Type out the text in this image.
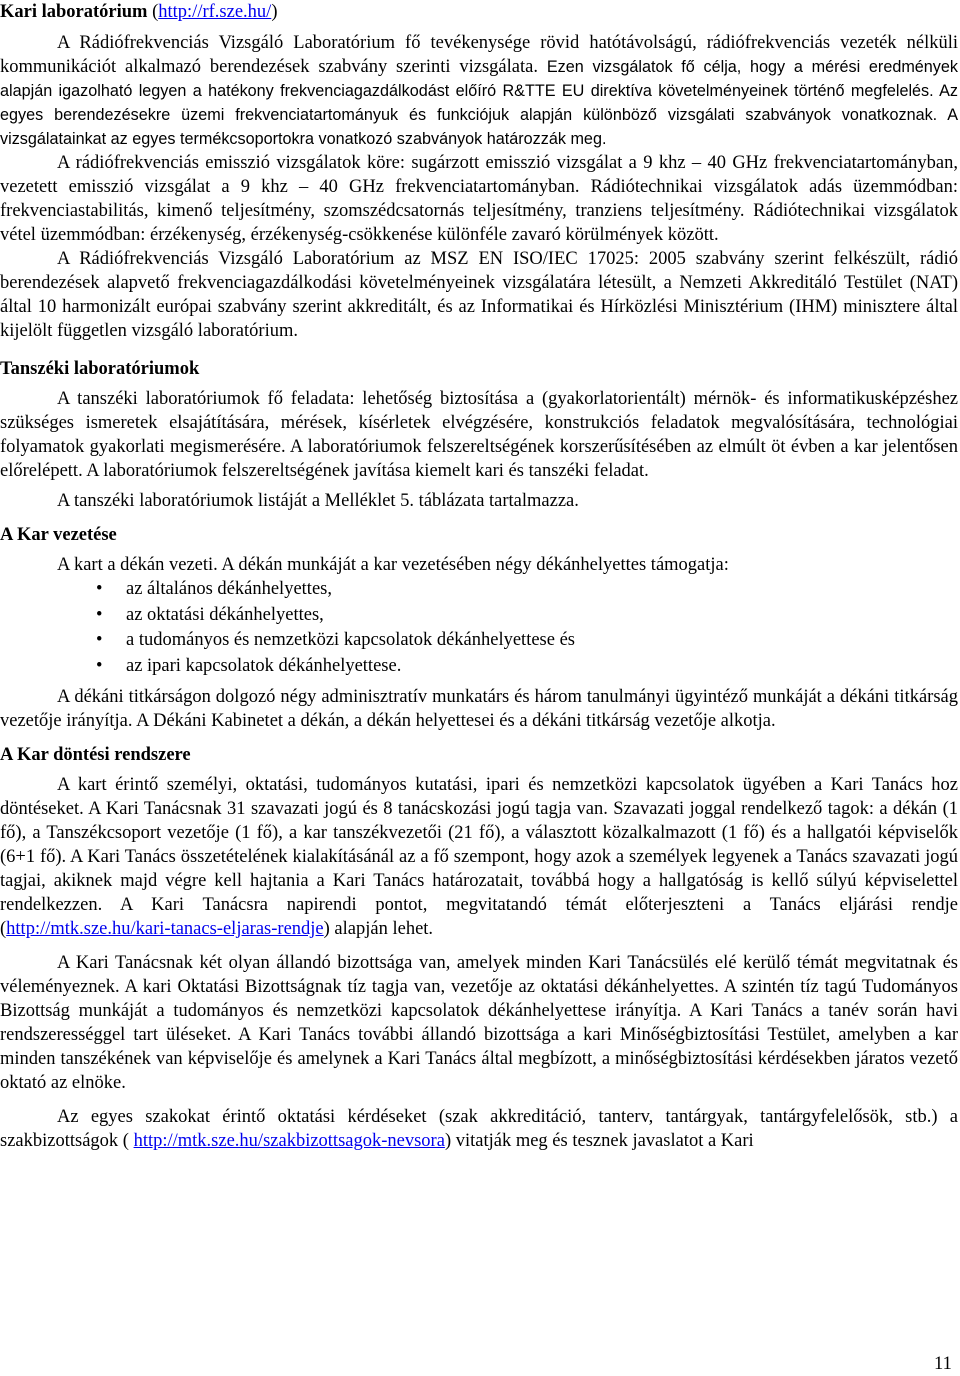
Kari laboratórium (http://rf.sze.hu/)

A Rádiófrekvenciás Vizsgáló Laboratórium fő tevékenysége rövid hatótávolságú, rádiófrekvenciás vezeték nélküli kommunikációt alkalmazó berendezések szabvány szerinti vizsgálata. Ezen vizsgálatok fő célja, hogy a mérési eredmények alapján igazolható legyen a hatékony frekvenciagazdálkodást előíró R&TTE EU direktíva követelményeinek történő megfelelés. Az egyes berendezésekre üzemi frekvenciatartományuk és funkciójuk alapján különböző vizsgálati szabványok vonatkoznak. A vizsgálatainkat az egyes termékcsoportokra vonatkozó szabványok határozzák meg.

A rádiófrekvenciás emisszió vizsgálatok köre: sugárzott emisszió vizsgálat a 9 khz – 40 GHz frekvenciatartományban, vezetett emisszió vizsgálat a 9 khz – 40 GHz frekvenciatartományban. Rádiótechnikai vizsgálatok adás üzemmódban: frekvenciastabilitás, kimenő teljesítmény, szomszédcsatornás teljesítmény, tranziens teljesítmény. Rádiótechnikai vizsgálatok vétel üzemmódban: érzékenység, érzékenység-csökkenése különféle zavaró körülmények között.

A Rádiófrekvenciás Vizsgáló Laboratórium az MSZ EN ISO/IEC 17025: 2005 szabvány szerint felkészült, rádió berendezések alapvető frekvenciagazdálkodási követelményeinek vizsgálatára létesült, a Nemzeti Akkreditáló Testület (NAT) által 10 harmonizált európai szabvány szerint akkreditált, és az Informatikai és Hírközlési Minisztérium (IHM) minisztere által kijelölt független vizsgáló laboratórium.

Tanszéki laboratóriumok

A tanszéki laboratóriumok fő feladata: lehetőség biztosítása a (gyakorlatorientált) mérnök- és informatikusképzéshez szükséges ismeretek elsajátítására, mérések, kísérletek elvégzésére, konstrukciós feladatok megvalósítására, technológiai folyamatok gyakorlati megismerésére. A laboratóriumok felszereltségének korszerűsítésében az elmúlt öt évben a kar jelentősen előrelépett. A laboratóriumok felszereltségének javítása kiemelt kari és tanszéki feladat.

A tanszéki laboratóriumok listáját a Melléklet 5. táblázata tartalmazza.

A Kar vezetése

A kart a dékán vezeti. A dékán munkáját a kar vezetésében négy dékánhelyettes támogatja:

• az általános dékánhelyettes,
• az oktatási dékánhelyettes,
• a tudományos és nemzetközi kapcsolatok dékánhelyettese és
• az ipari kapcsolatok dékánhelyettese.

A dékáni titkárságon dolgozó négy adminisztratív munkatárs és három tanulmányi ügyintéző munkáját a dékáni titkárság vezetője irányítja. A Dékáni Kabinetet a dékán, a dékán helyettesei és a dékáni titkárság vezetője alkotja.

A Kar döntési rendszere

A kart érintő személyi, oktatási, tudományos kutatási, ipari és nemzetközi kapcsolatok ügyében a Kari Tanács hoz döntéseket. A Kari Tanácsnak 31 szavazati jogú és 8 tanácskozási jogú tagja van. Szavazati joggal rendelkező tagok: a dékán (1 fő), a Tanszékcsoport vezetője (1 fő), a kar tanszékvezetői (21 fő), a választott közalkalmazott (1 fő) és a hallgatói képviselők (6+1 fő). A Kari Tanács összetételének kialakításánál az a fő szempont, hogy azok a személyek legyenek a Tanács szavazati jogú tagjai, akiknek majd végre kell hajtania a Kari Tanács határozatait, továbbá hogy a hallgatóság is kellő súlyú képviselettel rendelkezzen. A Kari Tanácsra napirendi pontot, megvitatandó témát előterjeszteni a Tanács eljárási rendje (http://mtk.sze.hu/kari-tanacs-eljaras-rendje) alapján lehet.

A Kari Tanácsnak két olyan állandó bizottsága van, amelyek minden Kari Tanácsülés elé kerülő témát megvitatnak és véleményeznek. A kari Oktatási Bizottságnak tíz tagja van, vezetője az oktatási dékánhelyettes. A szintén tíz tagú Tudományos Bizottság munkáját a tudományos és nemzetközi kapcsolatok dékánhelyettese irányítja. A Kari Tanács a tanév során havi rendszerességgel tart üléseket. A Kari Tanács további állandó bizottsága a kari Minőségbiztosítási Testület, amelyben a kar minden tanszékének van képviselője és amelynek a Kari Tanács által megbízott, a minőségbiztosítási kérdésekben járatos vezető oktató az elnöke.

Az egyes szakokat érintő oktatási kérdéseket (szak akkreditáció, tanterv, tantárgyak, tantárgyfelelősök, stb.) a szakbizottságok ( http://mtk.sze.hu/szakbizottsagok-nevsora) vitatják meg és tesznek javaslatot a Kari

11
